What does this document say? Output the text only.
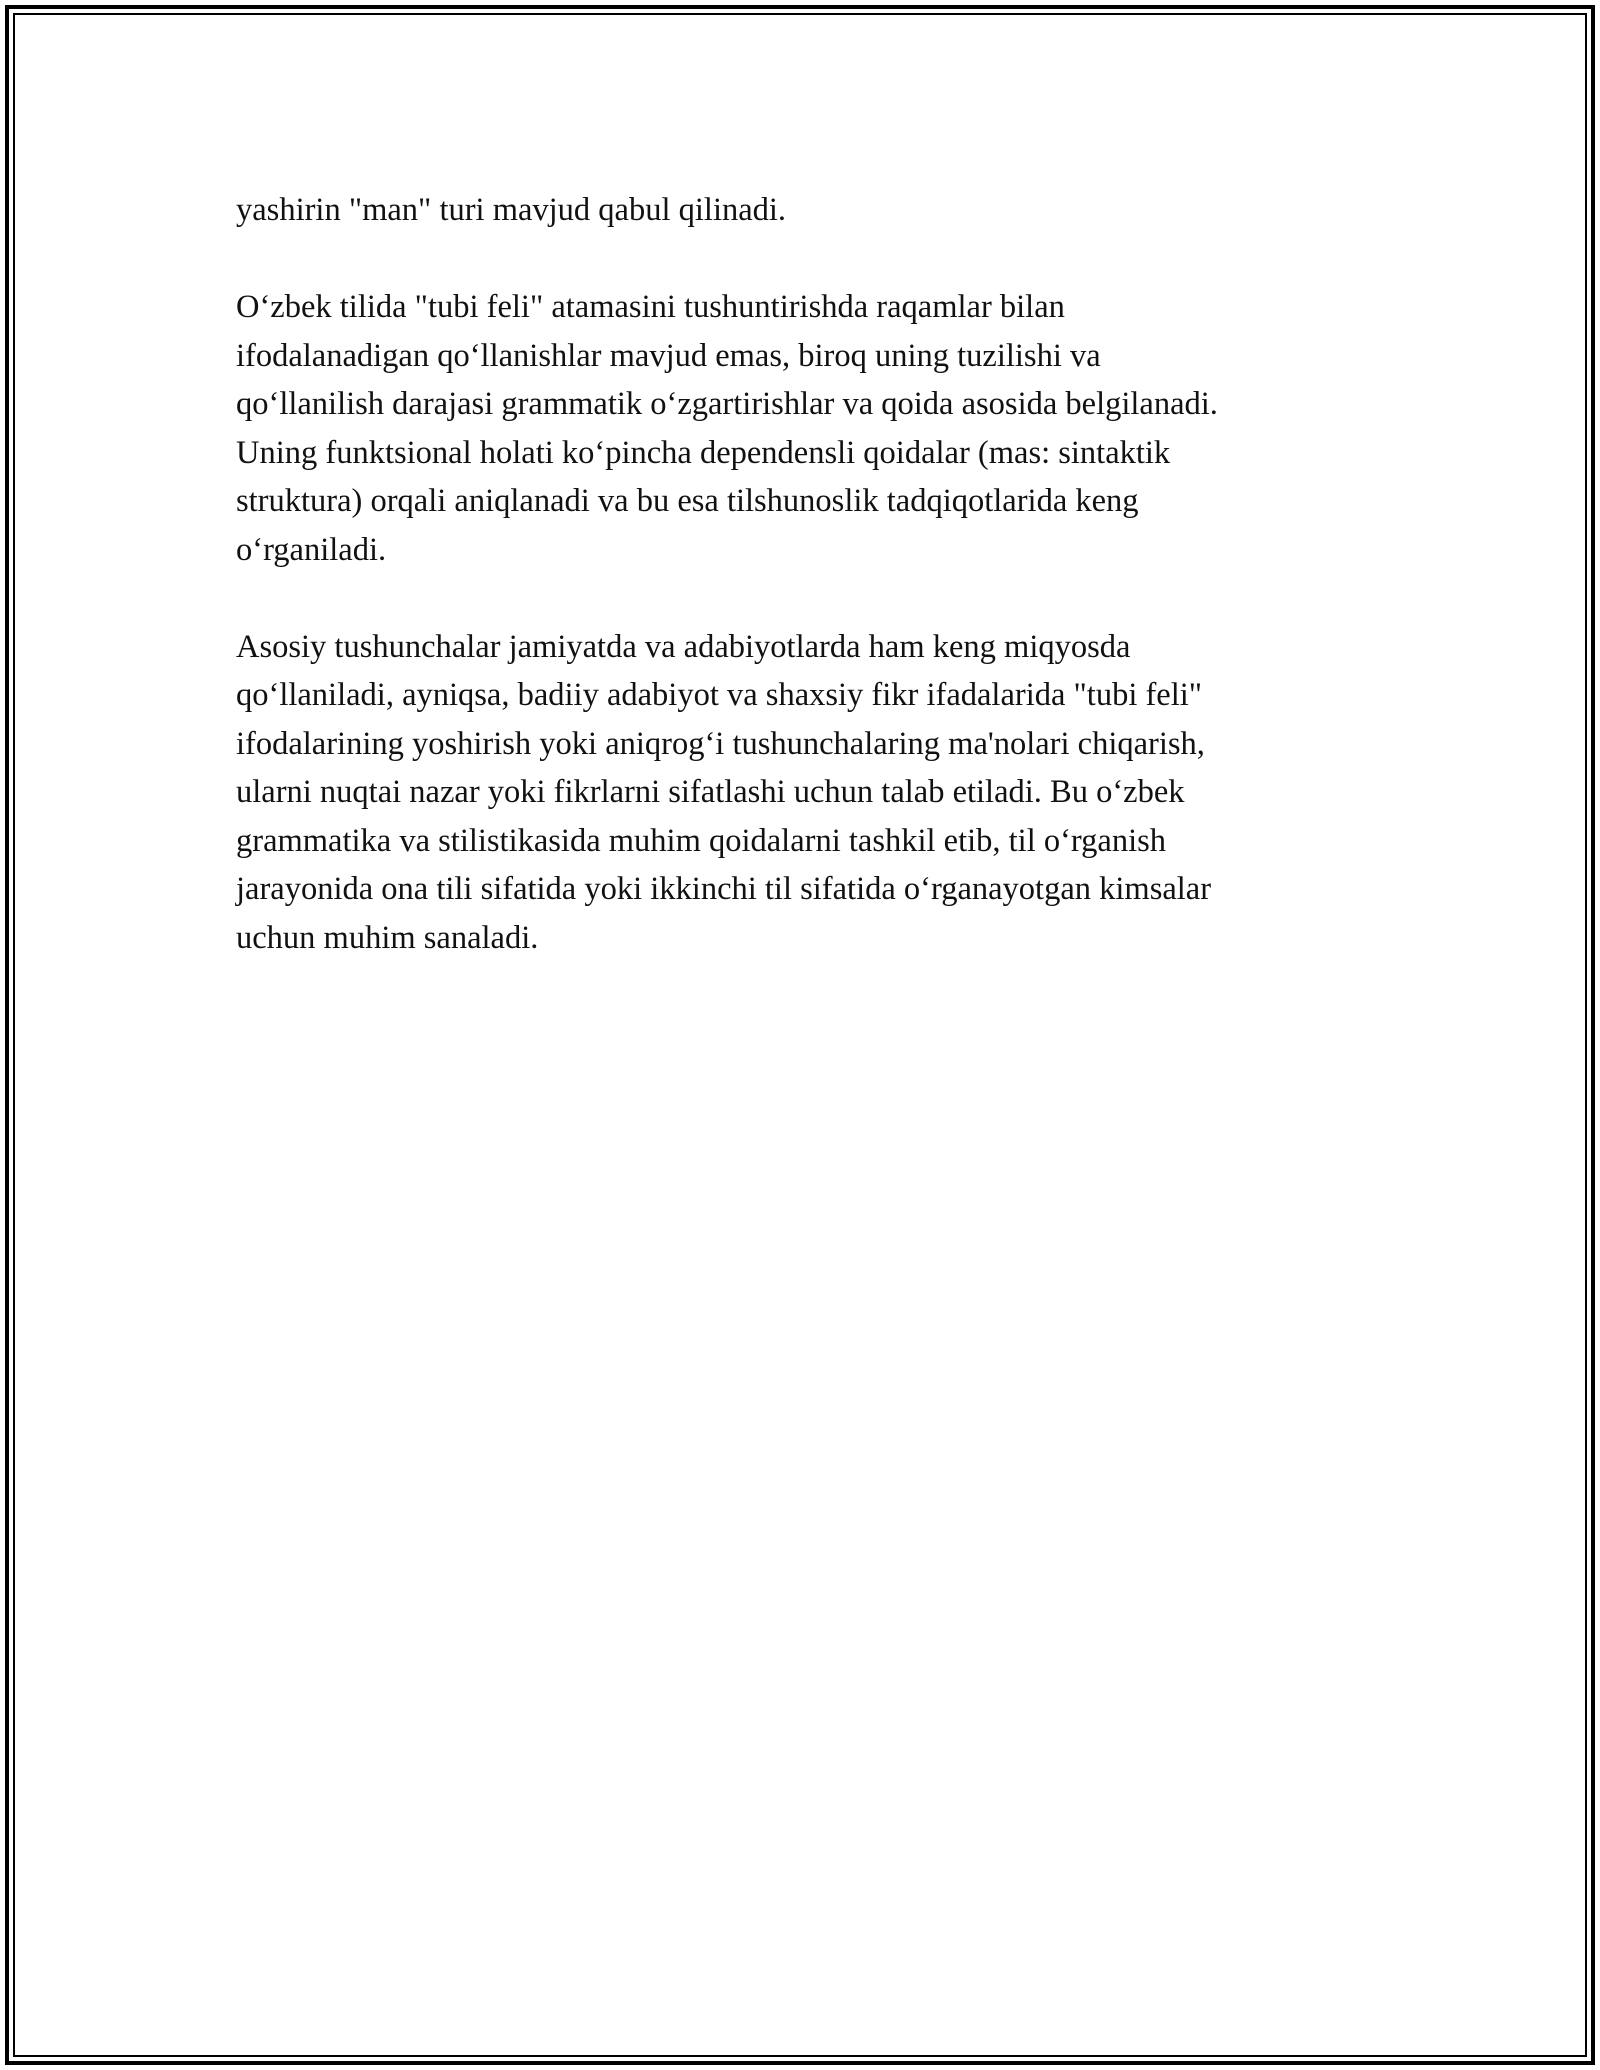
yashirin "man" turi mavjud qabul qilinadi.

O‘zbek tilida "tubi feli" atamasini tushuntirishda raqamlar bilan
ifodalanadigan qo‘llanishlar mavjud emas, biroq uning tuzilishi va
qo‘llanilish darajasi grammatik o‘zgartirishlar va qoida asosida belgilanadi.
Uning funktsional holati ko‘pincha dependensli qoidalar (mas: sintaktik
struktura) orqali aniqlanadi va bu esa tilshunoslik tadqiqotlarida keng
o‘rganiladi.

Asosiy tushunchalar jamiyatda va adabiyotlarda ham keng miqyosda
qo‘llaniladi, ayniqsa, badiiy adabiyot va shaxsiy fikr ifadalarida "tubi feli"
ifodalarining yoshirish yoki aniqrog‘i tushunchalaring ma'nolari chiqarish,
ularni nuqtai nazar yoki fikrlarni sifatlashi uchun talab etiladi. Bu o‘zbek
grammatika va stilistikasida muhim qoidalarni tashkil etib, til o‘rganish
jarayonida ona tili sifatida yoki ikkinchi til sifatida o‘rganayotgan kimsalar
uchun muhim sanaladi.
